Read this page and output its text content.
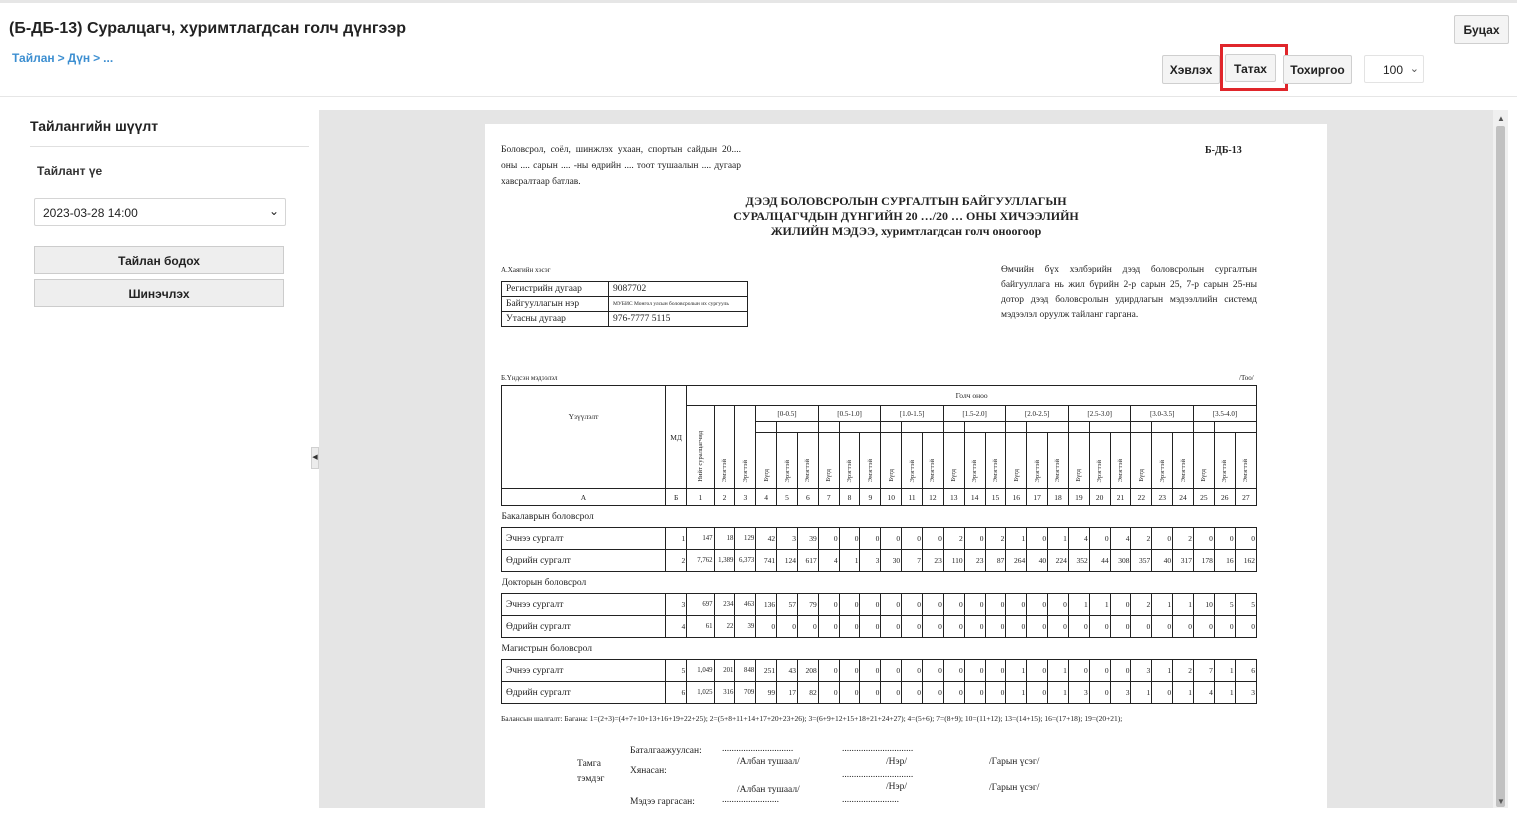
(Б-ДБ-13) Суралцагч, хуримтлагдсан голч дүнгээр
Тайлан > Дүн > ...
Буцах
Хэвлэх	Татах	Тохиргоо	100 ⌄
Тайлангийн шүүлт
Тайлант үе
2023-03-28 14:00	⌄
Тайлан бодох
Шинэчлэх
◀
▲
▼
Боловсрол, соёл, шинжлэх ухаан, спортын сайдын 20.... оны .... сарын .... -ны өдрийн .... тоот тушаалын .... дугаар хавсралтаар батлав.
Б-ДБ-13
ДЭЭД БОЛОВСРОЛЫН СУРГАЛТЫН БАЙГУУЛЛАГЫН
СУРАЛЦАГЧДЫН ДҮНГИЙН 20 …/20 … ОНЫ ХИЧЭЭЛИЙН
ЖИЛИЙН МЭДЭЭ, хуримтлагдсан голч оноогоор
А.Хаягийн хэсэг
Регистрийн дугаар	9087702
Байгууллагын нэр	МУБИС Монгол улсын боловсролын их сургууль
Утасны дугаар	976-7777 5115
Өмчийн бүх хэлбэрийн дээд боловсролын сургалтын байгууллага нь жил бүрийн 2-р сарын 25, 7-р сарын 25-ны дотор дээд боловсролын удирдлагын мэдээллийн системд мэдээлэл оруулж тайланг гаргана.
Б.Үндсэн мэдээлэл	/Тоо/
Үзүүлэлт	МД	Голч оноо																										
		Нийт суралцагчид	Эмэгтэй	Эрэгтэй	[0-0.5]			[0.5-1.0]			[1.0-1.5]			[1.5-2.0]			[2.0-2.5]			[2.5-3.0]			[3.0-3.5]			[3.5-4.0]		

					Бүгд	Эрэгтэй	Эмэгтэй	Бүгд	Эрэгтэй	Эмэгтэй	Бүгд	Эрэгтэй	Эмэгтэй	Бүгд	Эрэгтэй	Эмэгтэй	Бүгд	Эрэгтэй	Эмэгтэй	Бүгд	Эрэгтэй	Эмэгтэй	Бүгд	Эрэгтэй	Эмэгтэй	Бүгд	Эрэгтэй	Эмэгтэй
А	Б	1	2	3	4	5	6	7	8	9	10	11	12	13	14	15	16	17	18	19	20	21	22	23	24	25	26	27
Бакалаврын боловсрол																												
Эчнээ сургалт	1	147	18	129	42	3	39	0	0	0	0	0	0	2	0	2	1	0	1	4	0	4	2	0	2	0	0	0
Өдрийн сургалт	2	7,762	1,389	6,373	741	124	617	4	1	3	30	7	23	110	23	87	264	40	224	352	44	308	357	40	317	178	16	162
Докторын боловсрол																												
Эчнээ сургалт	3	697	234	463	136	57	79	0	0	0	0	0	0	0	0	0	0	0	0	1	1	0	2	1	1	10	5	5
Өдрийн сургалт	4	61	22	39	0	0	0	0	0	0	0	0	0	0	0	0	0	0	0	0	0	0	0	0	0	0	0	0
Магистрын боловсрол																												
Эчнээ сургалт	5	1,049	201	848	251	43	208	0	0	0	0	0	0	0	0	0	1	0	1	0	0	0	3	1	2	7	1	6
Өдрийн сургалт	6	1,025	316	709	99	17	82	0	0	0	0	0	0	0	0	0	1	0	1	3	0	3	1	0	1	4	1	3
Балансын шалгалт: Багана: 1=(2+3)=(4+7+10+13+16+19+22+25); 2=(5+8+11+14+17+20+23+26); 3=(6+9+12+15+18+21+24+27); 4=(5+6); 7=(8+9); 10=(11+12); 13=(14+15); 16=(17+18); 19=(20+21);
Тамга тэмдэг
Баталгаажуулсан: ..............................	..............................
/Албан тушаал/	/Нэр/	/Гарын үсэг/
Хянасан:	..............................
/Албан тушаал/	/Нэр/	/Гарын үсэг/
Мэдээ гаргасан:	........................	........................
